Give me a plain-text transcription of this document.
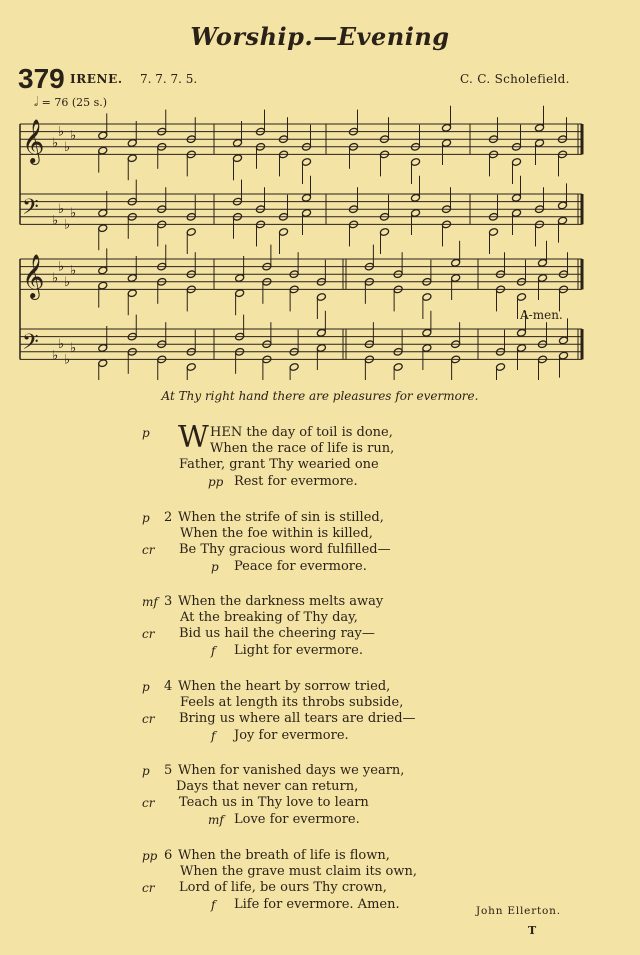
Worship.—Evening
379 IRENE. 7. 7. 7. 5.	C. C. Scholefield.
𝅗𝅥 = 76 (25 s.)
𝄞 ♭
♭
♭
♭
𝄢 ♭
♭
♭
♭
𝄞 ♭
♭
♭
♭
𝄢 ♭
♭
♭
♭
A-men.
At Thy right hand there are pleasures for evermore.
p W HEN the day of toil is done,
When the race of life is run,
Father, grant Thy wearied one
pp Rest for evermore.
p 2 When the strife of sin is stilled,
When the foe within is killed,
cr Be Thy gracious word fulfilled—
p Peace for evermore.
mf 3 When the darkness melts away
At the breaking of Thy day,
cr Bid us hail the cheering ray—
f Light for evermore.
p 4 When the heart by sorrow tried,
Feels at length its throbs subside,
cr Bring us where all tears are dried—
f Joy for evermore.
p 5 When for vanished days we yearn,
Days that never can return,
cr Teach us in Thy love to learn
mf Love for evermore.
pp 6 When the breath of life is flown,
When the grave must claim its own,
cr Lord of life, be ours Thy crown,
f Life for evermore. Amen.	John Ellerton.
T
